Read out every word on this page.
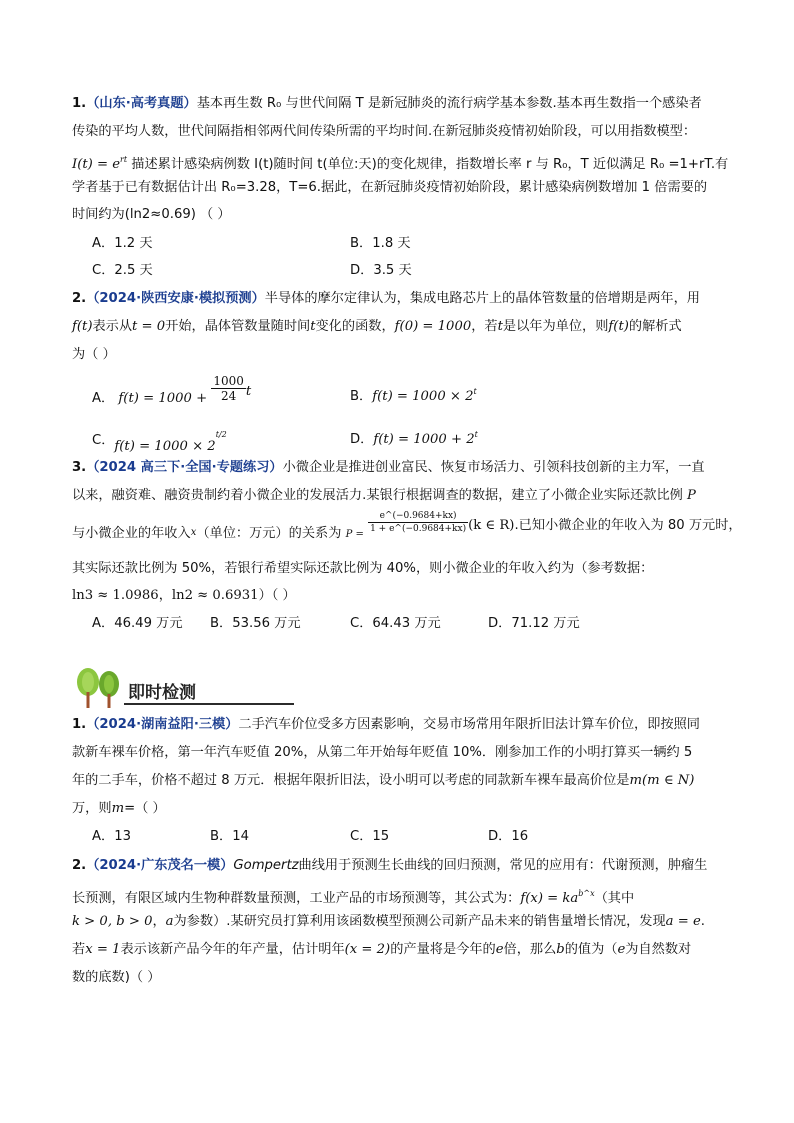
1.（山东·高考真题）基本再生数 R₀ 与世代间隔 T 是新冠肺炎的流行病学基本参数.基本再生数指一个感染者
传染的平均人数，世代间隔指相邻两代间传染所需的平均时间.在新冠肺炎疫情初始阶段，可以用指数模型：
$I(t) = e^{rt}$ 描述累计感染病例数 I(t)随时间 t(单位:天)的变化规律，指数增长率 r 与 R₀，T 近似满足 R₀ =1+rT.有
学者基于已有数据估计出 R₀=3.28，T=6.据此，在新冠肺炎疫情初始阶段，累计感染病例数增加 1 倍需要的
时间约为(ln2≈0.69) （ ）
A．1.2 天	B．1.8 天
C．2.5 天	D．3.5 天
2.（2024·陕西安康·模拟预测）半导体的摩尔定律认为，集成电路芯片上的晶体管数量的倍增期是两年，用
f(t)表示从t = 0开始，晶体管数量随时间t变化的函数，f(0) = 1000，若t是以年为单位，则f(t)的解析式
为（ ）
A． $f(t) = 1000 + \frac{1000}{24}$ t	B．$f(t) = 1000 \times 2^t$
C．$f(t) = 1000 \times 2^{t/2}$	D．$f(t) = 1000 + 2^t$
3.（2024 高三下·全国·专题练习）小微企业是推进创业富民、恢复市场活力、引领科技创新的主力军，一直
以来，融资难、融资贵制约着小微企业的发展活力.某银行根据调查的数据，建立了小微企业实际还款比例 P
与小微企业的年收入$_x$（单位：万元）的关系为 $_{P =} \frac{e\^{}(-0.9684+kx)}{1 + e\^{}(-0.9684+kx)} (k$ ∈ R).已知小微企业的年收入为 80 万元时，
其实际还款比例为 50%，若银行希望实际还款比例为 40%，则小微企业的年收入约为（参考数据：
ln3 ≈ 1.0986，ln2 ≈ 0.6931）（ ）
A．46.49 万元 B．53.56 万元	C．64.43 万元	D．71.12 万元
即时检测
1.（2024·湖南益阳·三模）二手汽车价位受多方因素影响，交易市场常用年限折旧法计算车价位，即按照同
款新车裸车价格，第一年汽车贬值 20%，从第二年开始每年贬值 10%．刚参加工作的小明打算买一辆约 5
年的二手车，价格不超过 8 万元．根据年限折旧法，设小明可以考虑的同款新车裸车最高价位是m(m ∈ N)
万，则m=（ ）
A．13	B．14	C．15	D．16
2.（2024·广东茂名一模）Gompertz曲线用于预测生长曲线的回归预测，常见的应用有：代谢预测，肿瘤生
长预测，有限区域内生物种群数量预测，工业产品的市场预测等，其公式为：$f(x) = ka^{b\^{}x}$（其中
k > 0, b > 0，a为参数）.某研究员打算利用该函数模型预测公司新产品未来的销售量增长情况，发现a = e.
若x = 1表示该新产品今年的年产量，估计明年(x = 2)的产量将是今年的e倍，那么b的值为（e为自然数对
数的底数)（ ）
